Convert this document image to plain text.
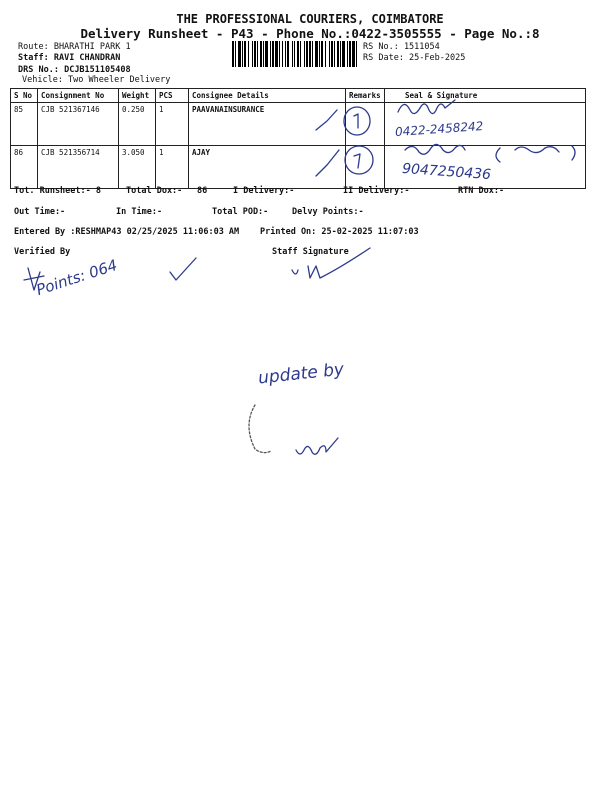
THE PROFESSIONAL COURIERS, COIMBATORE
Delivery Runsheet - P43 - Phone No.:0422-3505555 - Page No.:8
Route: BHARATHI PARK 1
Staff: RAVI CHANDRAN
DRS No.: DCJB151105408
Vehicle: Two Wheeler Delivery
RS No.: 1511054
RS Date: 25-Feb-2025
S No	Consignment No	Weight	PCS	Consignee Details	Remarks	Seal & Signature
85	CJB 521367146	0.250	1	PAAVANAINSURANCE		
86	CJB 521356714	3.050	1	AJAY		
Tot. Runsheet:- 8	Total Dox:- 86	I Delivery:-	II Delivery:-	RTN Dox:-
Out Time:-	In Time:-	Total POD:-	Delvy Points:-
Entered By :RESHMAP43 02/25/2025 11:06:03 AM Printed On: 25-02-2025 11:07:03
Verified By	Staff Signature
0422-2458242
9047250436
Points: 064
update by
